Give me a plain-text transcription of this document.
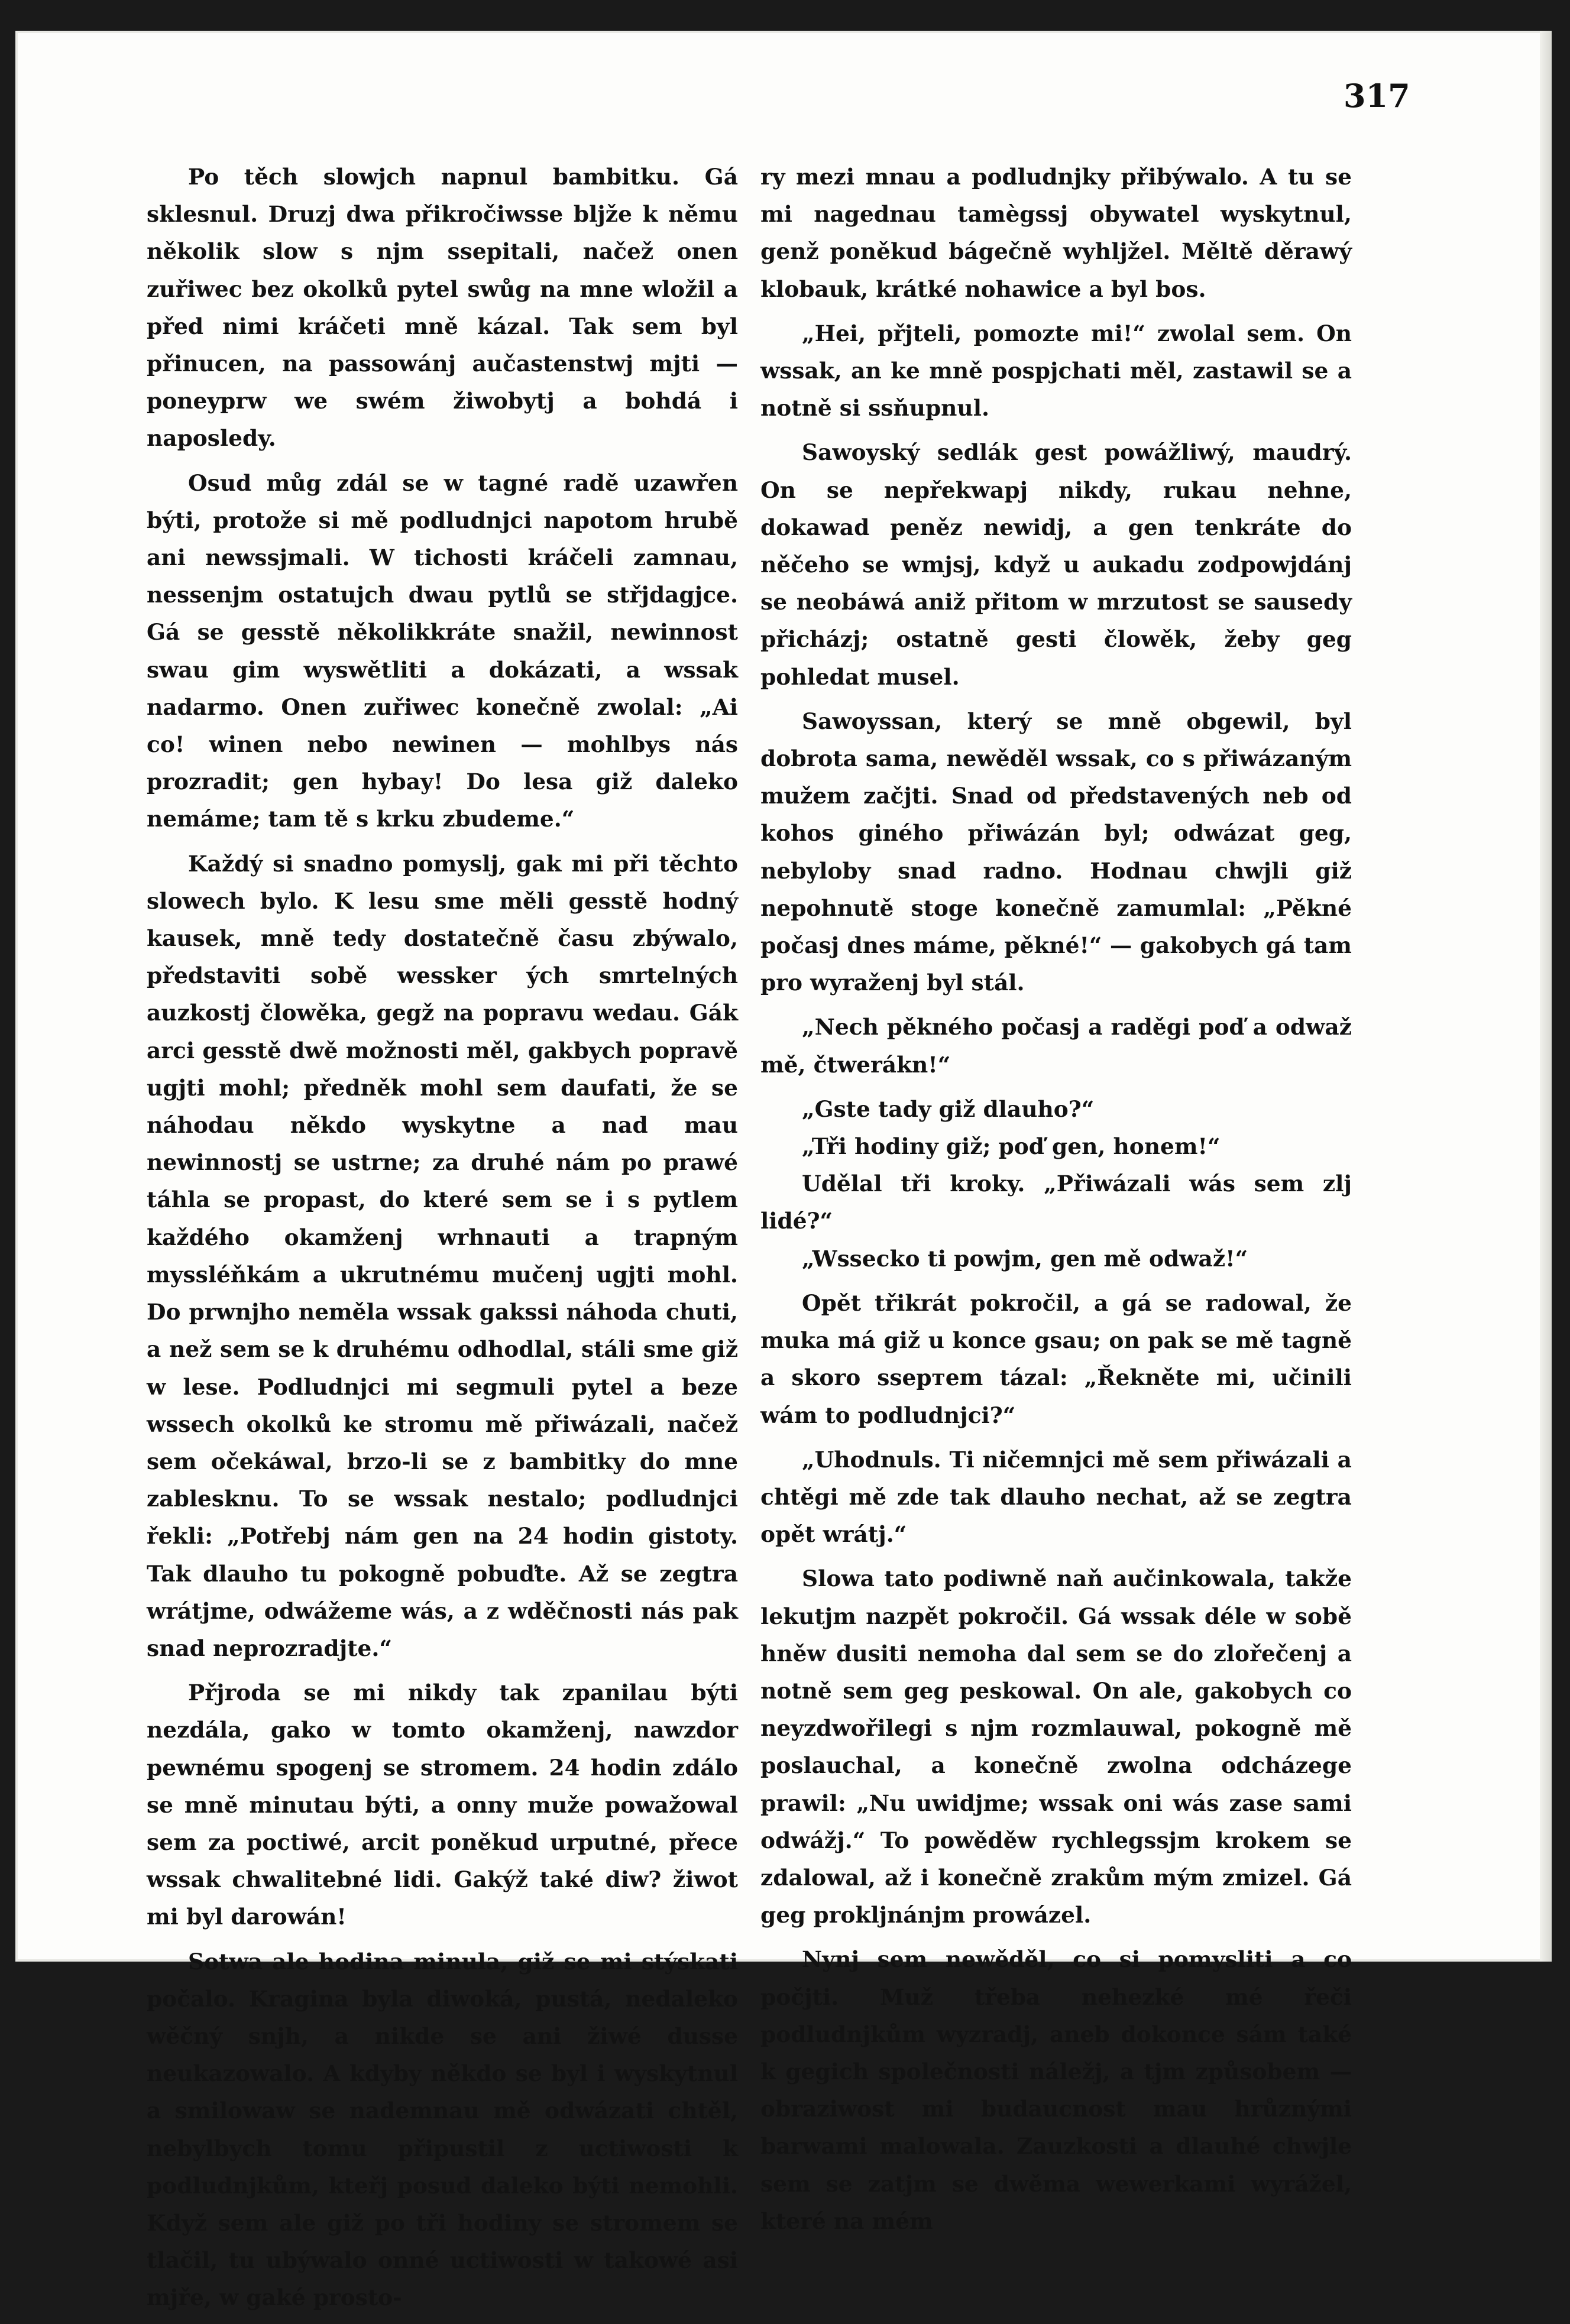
317

Po těch slowjch napnul bambitku. Gá sklesnul. Druzj dwa přikročiwsse bljže k němu několik slow s njm ssepitali, načež onen zuřiwec bez okolků pytel swůg na mne wložil a před nimi kráčeti mně kázal. Tak sem byl přinucen, na passowánj aučastenstwj mjti — poneyprw we swém žiwobytj a bohdá i naposledy.

Osud můg zdál se w tagné radě uzawřen býti, protože si mě podludnjci napotom hrubě ani newssjmali. W tichosti kráčeli zamnau, nessenjm ostatujch dwau pytlů se střjdagjce. Gá se gesstě několikkráte snažil, newinnost swau gim wyswětliti a dokázati, a wssak nadarmo. Onen zuřiwec konečně zwolal: „Ai co! winen nebo newinen — mohlbys nás prozradit; gen hybay! Do lesa giž daleko nemáme; tam tě s krku zbudeme.“

Každý si snadno pomyslj, gak mi při těchto slowech bylo. K lesu sme měli gesstě hodný kausek, mně tedy dostatečně času zbýwalo, představiti sobě wessker ých smrtelných auzkostj člowěka, gegž na popravu wedau. Gák arci gesstě dwě možnosti měl, gakbych popravě ugjti mohl; předněk mohl sem daufati, že se náhodau někdo wyskytne a nad mau newinnostj se ustrne; za druhé nám po prawé táhla se propast, do které sem se i s pytlem každého okamženj wrhnauti a trapným myssléňkám a ukrutnému mučenj ugjti mohl. Do prwnjho neměla wssak gakssi náhoda chuti, a než sem se k druhému odhodlal, stáli sme giž w lese. Podludnjci mi segmuli pytel a beze wssech okolků ke stromu mě přiwázali, načež sem očekáwal, brzo-li se z bambitky do mne zablesknu. To se wssak nestalo; podludnjci řekli: „Potřebj nám gen na 24 hodin gistoty. Tak dlauho tu pokogně pobuďte. Až se zegtra wrátjme, odwážeme wás, a z wděčnosti nás pak snad neprozradjte.“

Přjroda se mi nikdy tak zpanilau býti nezdála, gako w tomto okamženj, nawzdor pewnému spogenj se stromem. 24 hodin zdálo se mně minutau býti, a onny muže powažowal sem za poctiwé, arcit poněkud urputné, přece wssak chwalitebné lidi. Gakýž také diw? žiwot mi byl darowán!

Sotwa ale hodina minula, giž se mi stýskati počalo. Kragina byla diwoká, pustá, nedaleko wěčný snjh, a nikde se ani žiwé dusse neukazowalo. A kdyby někdo se byl i wyskytnul a smilowaw se nademnau mě odwázati chtěl, nebylbych tomu připustil z uctiwosti k podludnjkům, kteřj posud daleko býti nemohli. Když sem ale giž po tři hodiny se stromem se tlačil, tu ubýwalo onné uctiwosti w takowé asi mjře, w gaké prosto-

ry mezi mnau a podludnjky přibýwalo. A tu se mi nagednau tamègssj obywatel wyskytnul, genž poněkud bágečně wyhljžel. Měltě děrawý klobauk, krátké nohawice a byl bos.

„Hei, přjteli, pomozte mi!“ zwolal sem. On wssak, an ke mně pospjchati měl, zastawil se a notně si ssňupnul.

Sawoyský sedlák gest powážliwý, maudrý. On se nepřekwapj nikdy, rukau nehne, dokawad peněz newidj, a gen tenkráte do něčeho se wmjsj, když u aukadu zodpowjdánj se neobáwá aniž přitom w mrzutost se sausedy přicházj; ostatně gesti člowěk, žeby geg pohledat musel.

Sawoyssan, který se mně obgewil, byl dobrota sama, newěděl wssak, co s přiwázaným mužem začjti. Snad od představených neb od kohos giného přiwázán byl; odwázat geg, nebyloby snad radno. Hodnau chwjli giž nepohnutě stoge konečně zamumlal: „Pěkné počasj dnes máme, pěkné!“ — gakobych gá tam pro wyraženj byl stál.

„Nech pěkného počasj a raděgi poď a odwaž mě, čtwerákn!“

„Gste tady giž dlauho?“

„Tři hodiny giž; poď gen, honem!“

Udělal tři kroky. „Přiwázali wás sem zlj lidé?“

„Wssecko ti powjm, gen mě odwaž!“

Opět třikrát pokročil, a gá se radowal, že muka má giž u konce gsau; on pak se mě tagně a skoro ssepтem tázal: „Řekněte mi, učinili wám to podludnjci?“

„Uhodnuls. Ti ničemnjci mě sem přiwázali a chtěgi mě zde tak dlauho nechat, až se zegtra opět wrátj.“

Slowa tato podiwně naň aučinkowala, takže lekutjm nazpět pokročil. Gá wssak déle w sobě hněw dusiti nemoha dal sem se do zlořečenj a notně sem geg peskowal. On ale, gakobych co neyzdwořilegi s njm rozmlauwal, pokogně mě poslauchal, a konečně zwolna odcházege prawil: „Nu uwidjme; wssak oni wás zase sami odwážj.“ To powěděw rychlegssjm krokem se zdalowal, až i konečně zrakům mým zmizel. Gá geg proklјnánjm prowázel.

Nynj sem newěděl, co si pomysliti a co počjti. Muž třeba nehezké mé řeči podludnjkům wyzradj, aneb dokonce sám také k gegich společnosti náležj, a tjm způsobem — obrazіwost mi budaucnost mau hrůznými barwami malowala. Zauzkosti a dlauhé chwjle sem se zatjm se dwěma wewerkami wyrážel, které na mém
